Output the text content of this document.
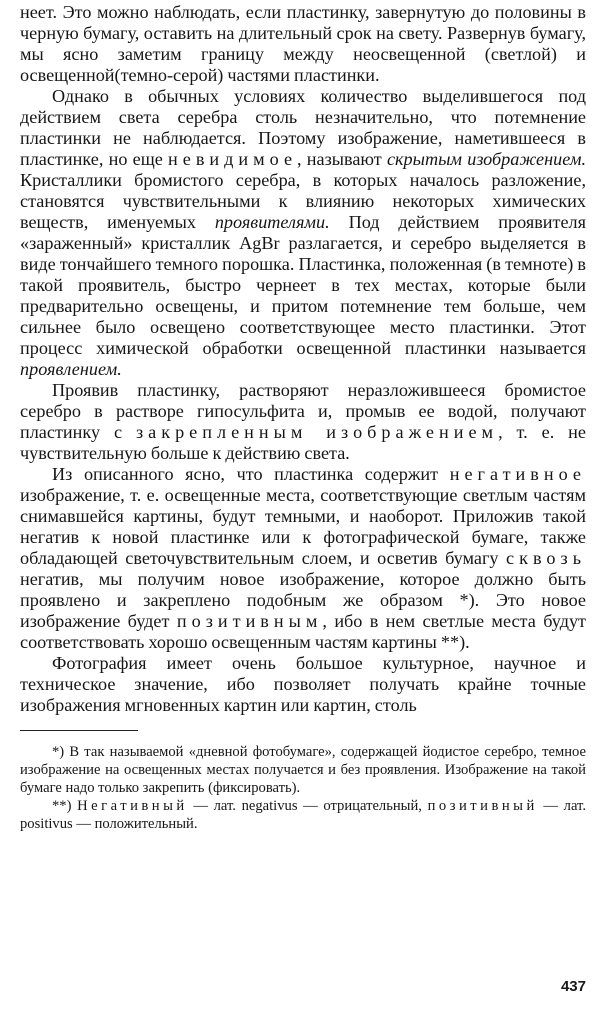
неет. Это можно наблюдать, если пластинку, завернутую до половины в черную бумагу, оставить на длительный срок на свету. Развернув бумагу, мы ясно заметим границу между неосвещенной (светлой) и освещенной(темно-серой) частями пластинки.

Однако в обычных условиях количество выделившегося под действием света серебра столь незначительно, что потемнение пластинки не наблюдается. Поэтому изображение, наметившееся в пластинке, но еще невидимое, называют скрытым изображением. Кристаллики бромистого серебра, в которых началось разложение, становятся чувствительными к влиянию некоторых химических веществ, именуемых проявителями. Под действием проявителя «зараженный» кристаллик AgBr разлагается, и серебро выделяется в виде тончайшего темного порошка. Пластинка, положенная (в темноте) в такой проявитель, быстро чернеет в тех местах, которые были предварительно освещены, и притом потемнение тем больше, чем сильнее было освещено соответствующее место пластинки. Этот процесс химической обработки освещенной пластинки называется проявлением.

Проявив пластинку, растворяют неразложившееся бромистое серебро в растворе гипосульфита и, промыв ее водой, получают пластинку с закрепленным изображением, т. е. не чувствительную больше к действию света.

Из описанного ясно, что пластинка содержит негативное изображение, т. е. освещенные места, соответствующие светлым частям снимавшейся картины, будут темными, и наоборот. Приложив такой негатив к новой пластинке или к фотографической бумаге, также обладающей светочувствительным слоем, и осветив бумагу сквозь негатив, мы получим новое изображение, которое должно быть проявлено и закреплено подобным же образом *). Это новое изображение будет позитивным, ибо в нем светлые места будут соответствовать хорошо освещенным частям картины **).

Фотография имеет очень большое культурное, научное и техническое значение, ибо позволяет получать крайне точные изображения мгновенных картин или картин, столь

*) В так называемой «дневной фотобумаге», содержащей йодистое серебро, темное изображение на освещенных местах получается и без проявления. Изображение на такой бумаге надо только закрепить (фиксировать).

**) Негативный — лат. negativus — отрицательный, позитивный — лат. positivus — положительный.

437
